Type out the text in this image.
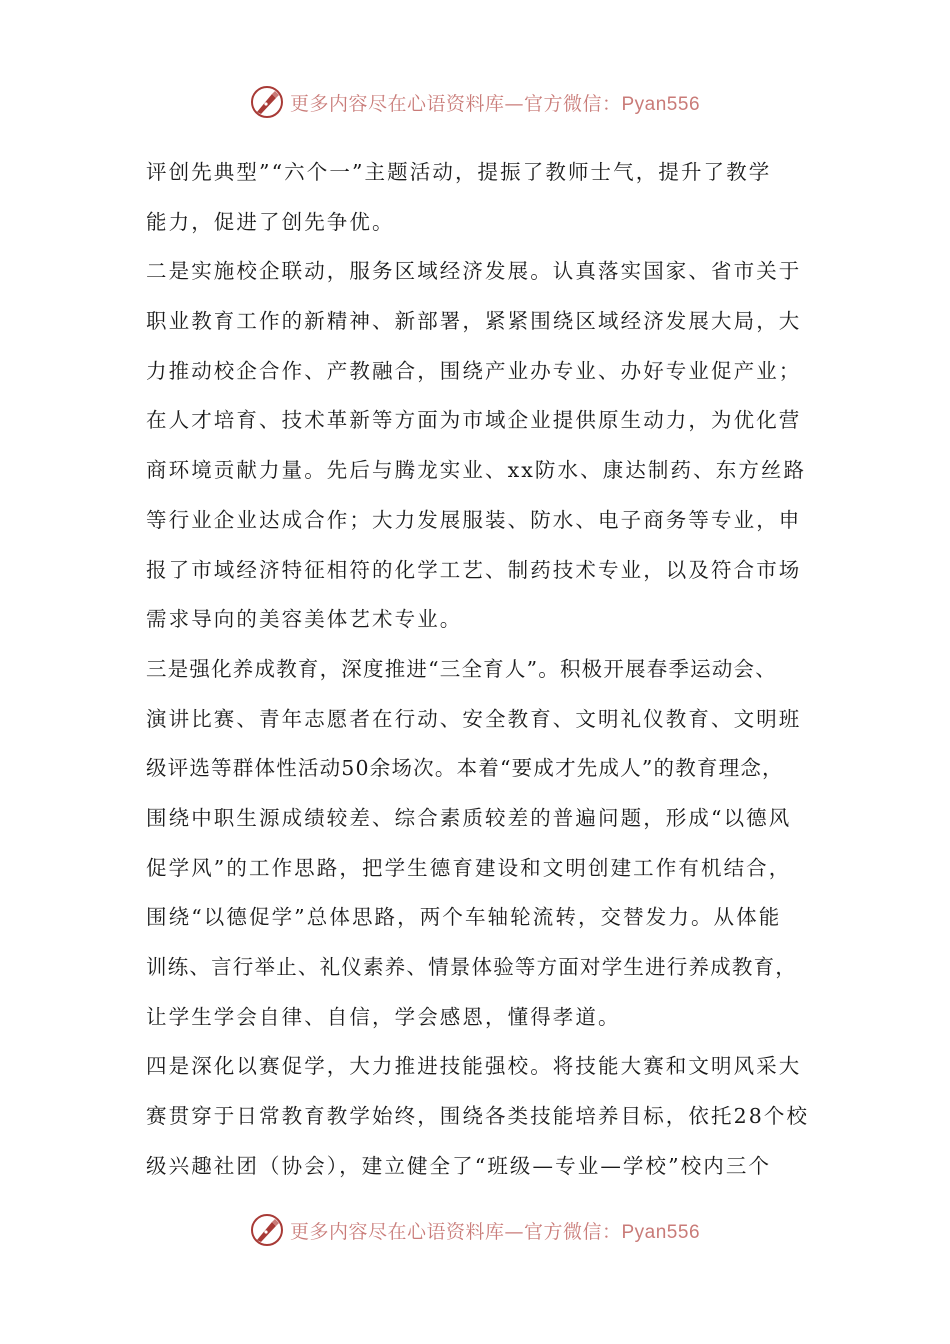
更多内容尽在心语资料库—官方微信：Pyan556
评创先典型”“六个一”主题活动，提振了教师士气，提升了教学
能力，促进了创先争优。
二是实施校企联动，服务区域经济发展。认真落实国家、省市关于
职业教育工作的新精神、新部署，紧紧围绕区域经济发展大局，大
力推动校企合作、产教融合，围绕产业办专业、办好专业促产业；
在人才培育、技术革新等方面为市域企业提供原生动力，为优化营
商环境贡献力量。先后与腾龙实业、xx防水、康达制药、东方丝路
等行业企业达成合作；大力发展服装、防水、电子商务等专业，申
报了市域经济特征相符的化学工艺、制药技术专业，以及符合市场
需求导向的美容美体艺术专业。
三是强化养成教育，深度推进“三全育人”。积极开展春季运动会、
演讲比赛、青年志愿者在行动、安全教育、文明礼仪教育、文明班
级评选等群体性活动50余场次。本着“要成才先成人”的教育理念，
围绕中职生源成绩较差、综合素质较差的普遍问题，形成“以德风
促学风”的工作思路，把学生德育建设和文明创建工作有机结合，
围绕“以德促学”总体思路，两个车轴轮流转，交替发力。从体能
训练、言行举止、礼仪素养、情景体验等方面对学生进行养成教育，
让学生学会自律、自信，学会感恩，懂得孝道。
四是深化以赛促学，大力推进技能强校。将技能大赛和文明风采大
赛贯穿于日常教育教学始终，围绕各类技能培养目标，依托28个校
级兴趣社团（协会），建立健全了“班级—专业—学校”校内三个
更多内容尽在心语资料库—官方微信：Pyan556
